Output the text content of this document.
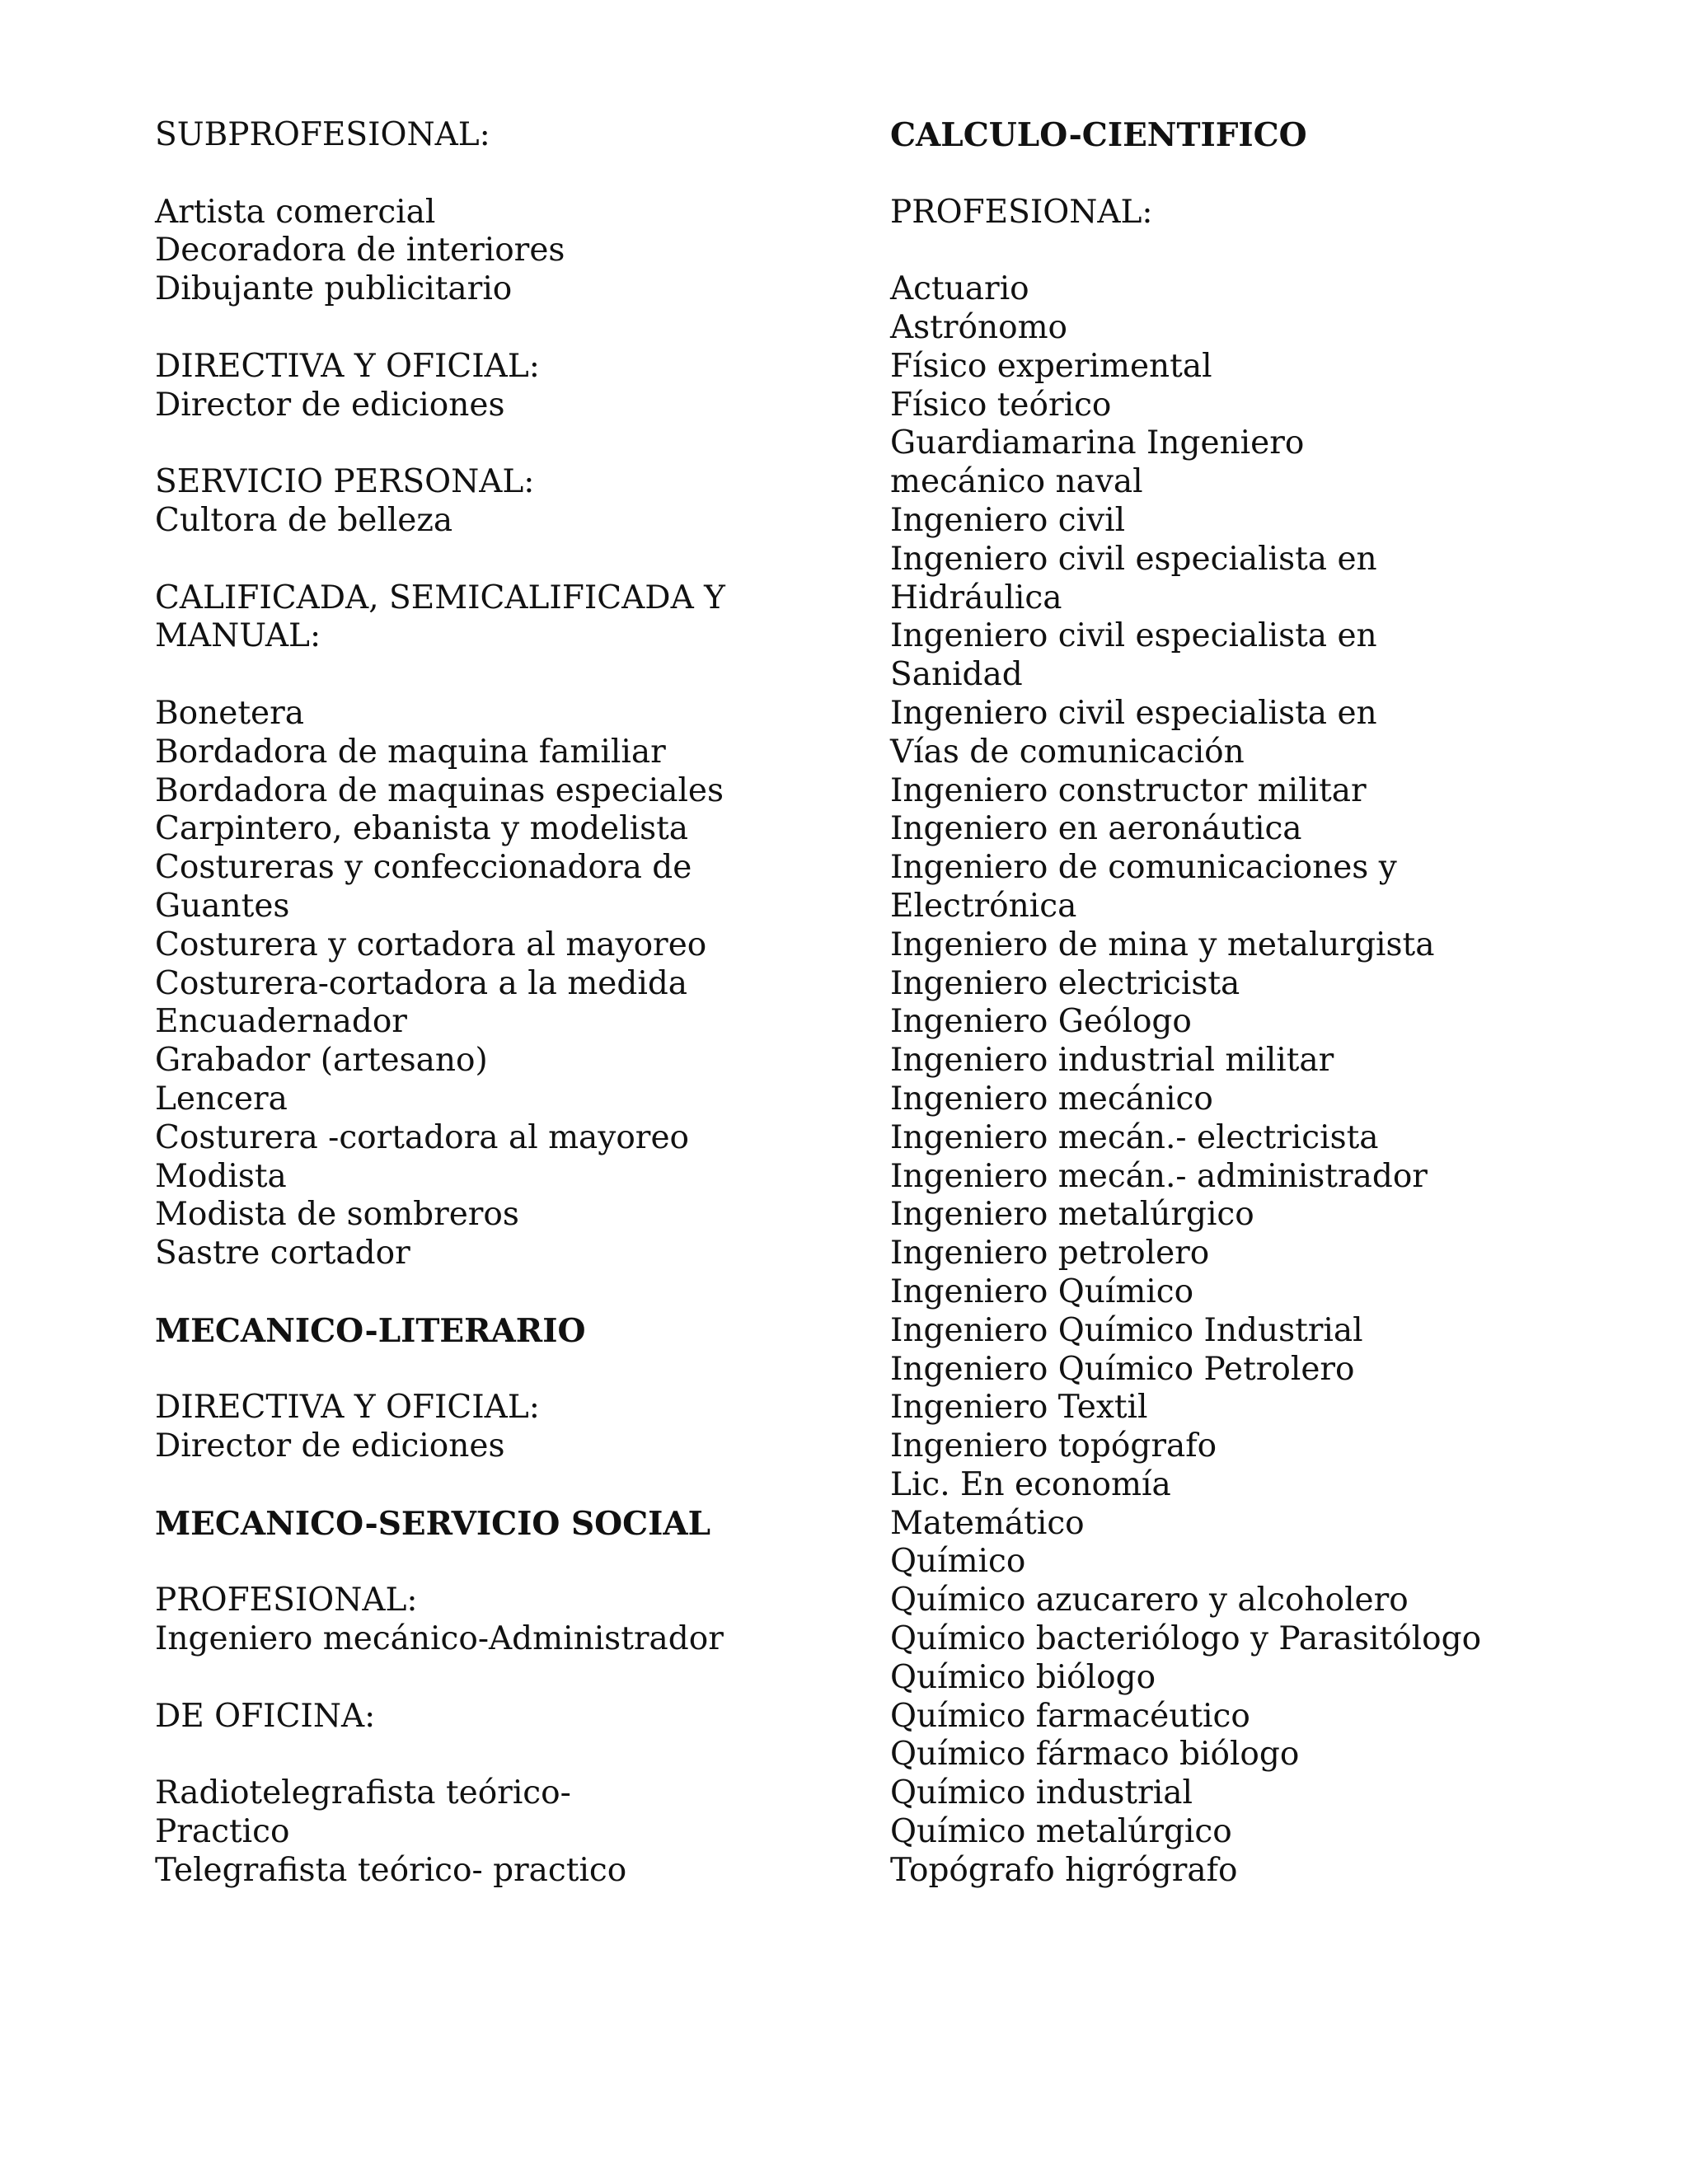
SUBPROFESIONAL:
Artista comercial
Decoradora de interiores
Dibujante publicitario
DIRECTIVA Y OFICIAL:
Director de ediciones
SERVICIO PERSONAL:
Cultora de belleza
CALIFICADA, SEMICALIFICADA Y
MANUAL:
Bonetera
Bordadora de maquina familiar
Bordadora de maquinas especiales
Carpintero, ebanista y modelista
Costureras y confeccionadora de
Guantes
Costurera y cortadora al mayoreo
Costurera-cortadora a la medida
Encuadernador
Grabador (artesano)
Lencera
Costurera -cortadora al mayoreo
Modista
Modista de sombreros
Sastre cortador
MECANICO-LITERARIO
DIRECTIVA Y OFICIAL:
Director de ediciones
MECANICO-SERVICIO SOCIAL
PROFESIONAL:
Ingeniero mecánico-Administrador
DE OFICINA:
Radiotelegrafista teórico-
Practico
Telegrafista teórico- practico
CALCULO-CIENTIFICO
PROFESIONAL:
Actuario
Astrónomo
Físico experimental
Físico teórico
Guardiamarina Ingeniero
mecánico naval
Ingeniero civil
Ingeniero civil especialista en
Hidráulica
Ingeniero civil especialista en
Sanidad
Ingeniero civil especialista en
Vías de comunicación
Ingeniero constructor militar
Ingeniero en aeronáutica
Ingeniero de comunicaciones y
Electrónica
Ingeniero de mina y metalurgista
Ingeniero electricista
Ingeniero Geólogo
Ingeniero industrial militar
Ingeniero mecánico
Ingeniero mecán.- electricista
Ingeniero mecán.- administrador
Ingeniero metalúrgico
Ingeniero petrolero
Ingeniero Químico
Ingeniero Químico Industrial
Ingeniero Químico Petrolero
Ingeniero Textil
Ingeniero topógrafo
Lic. En economía
Matemático
Químico
Químico azucarero y alcoholero
Químico bacteriólogo y Parasitólogo
Químico biólogo
Químico farmacéutico
Químico fármaco biólogo
Químico industrial
Químico metalúrgico
Topógrafo higrógrafo
